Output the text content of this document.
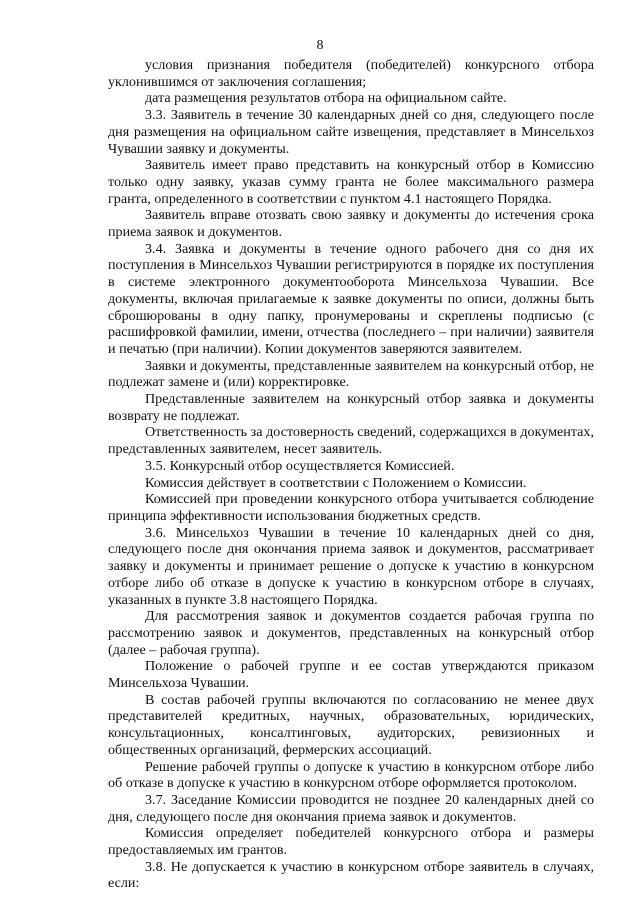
8

условия признания победителя (победителей) конкурсного отбора уклонившимся от заключения соглашения;

дата размещения результатов отбора на официальном сайте.

3.3. Заявитель в течение 30 календарных дней со дня, следующего после дня размещения на официальном сайте извещения, представляет в Минсельхоз Чувашии заявку и документы.

Заявитель имеет право представить на конкурсный отбор в Комиссию только одну заявку, указав сумму гранта не более максимального размера гранта, определенного в соответствии с пунктом 4.1 настоящего Порядка.

Заявитель вправе отозвать свою заявку и документы до истечения срока приема заявок и документов.

3.4. Заявка и документы в течение одного рабочего дня со дня их поступления в Минсельхоз Чувашии регистрируются в порядке их поступления в системе электронного документооборота Минсельхоза Чувашии. Все документы, включая прилагаемые к заявке документы по описи, должны быть сброшюрованы в одну папку, пронумерованы и скреплены подписью (с расшифровкой фамилии, имени, отчества (последнего – при наличии) заявителя и печатью (при наличии). Копии документов заверяются заявителем.

Заявки и документы, представленные заявителем на конкурсный отбор, не подлежат замене и (или) корректировке.

Представленные заявителем на конкурсный отбор заявка и документы возврату не подлежат.

Ответственность за достоверность сведений, содержащихся в документах, представленных заявителем, несет заявитель.

3.5. Конкурсный отбор осуществляется Комиссией.

Комиссия действует в соответствии с Положением о Комиссии.

Комиссией при проведении конкурсного отбора учитывается соблюдение принципа эффективности использования бюджетных средств.

3.6. Минсельхоз Чувашии в течение 10 календарных дней со дня, следующего после дня окончания приема заявок и документов, рассматривает заявку и документы и принимает решение о допуске к участию в конкурсном отборе либо об отказе в допуске к участию в конкурсном отборе в случаях, указанных в пункте 3.8 настоящего Порядка.

Для рассмотрения заявок и документов создается рабочая группа по рассмотрению заявок и документов, представленных на конкурсный отбор (далее – рабочая группа).

Положение о рабочей группе и ее состав утверждаются приказом Минсельхоза Чувашии.

В состав рабочей группы включаются по согласованию не менее двух представителей кредитных, научных, образовательных, юридических, консультационных, консалтинговых, аудиторских, ревизионных и общественных организаций, фермерских ассоциаций.

Решение рабочей группы о допуске к участию в конкурсном отборе либо об отказе в допуске к участию в конкурсном отборе оформляется протоколом.

3.7. Заседание Комиссии проводится не позднее 20 календарных дней со дня, следующего после дня окончания приема заявок и документов.

Комиссия определяет победителей конкурсного отбора и размеры предоставляемых им грантов.

3.8. Не допускается к участию в конкурсном отборе заявитель в случаях, если:
